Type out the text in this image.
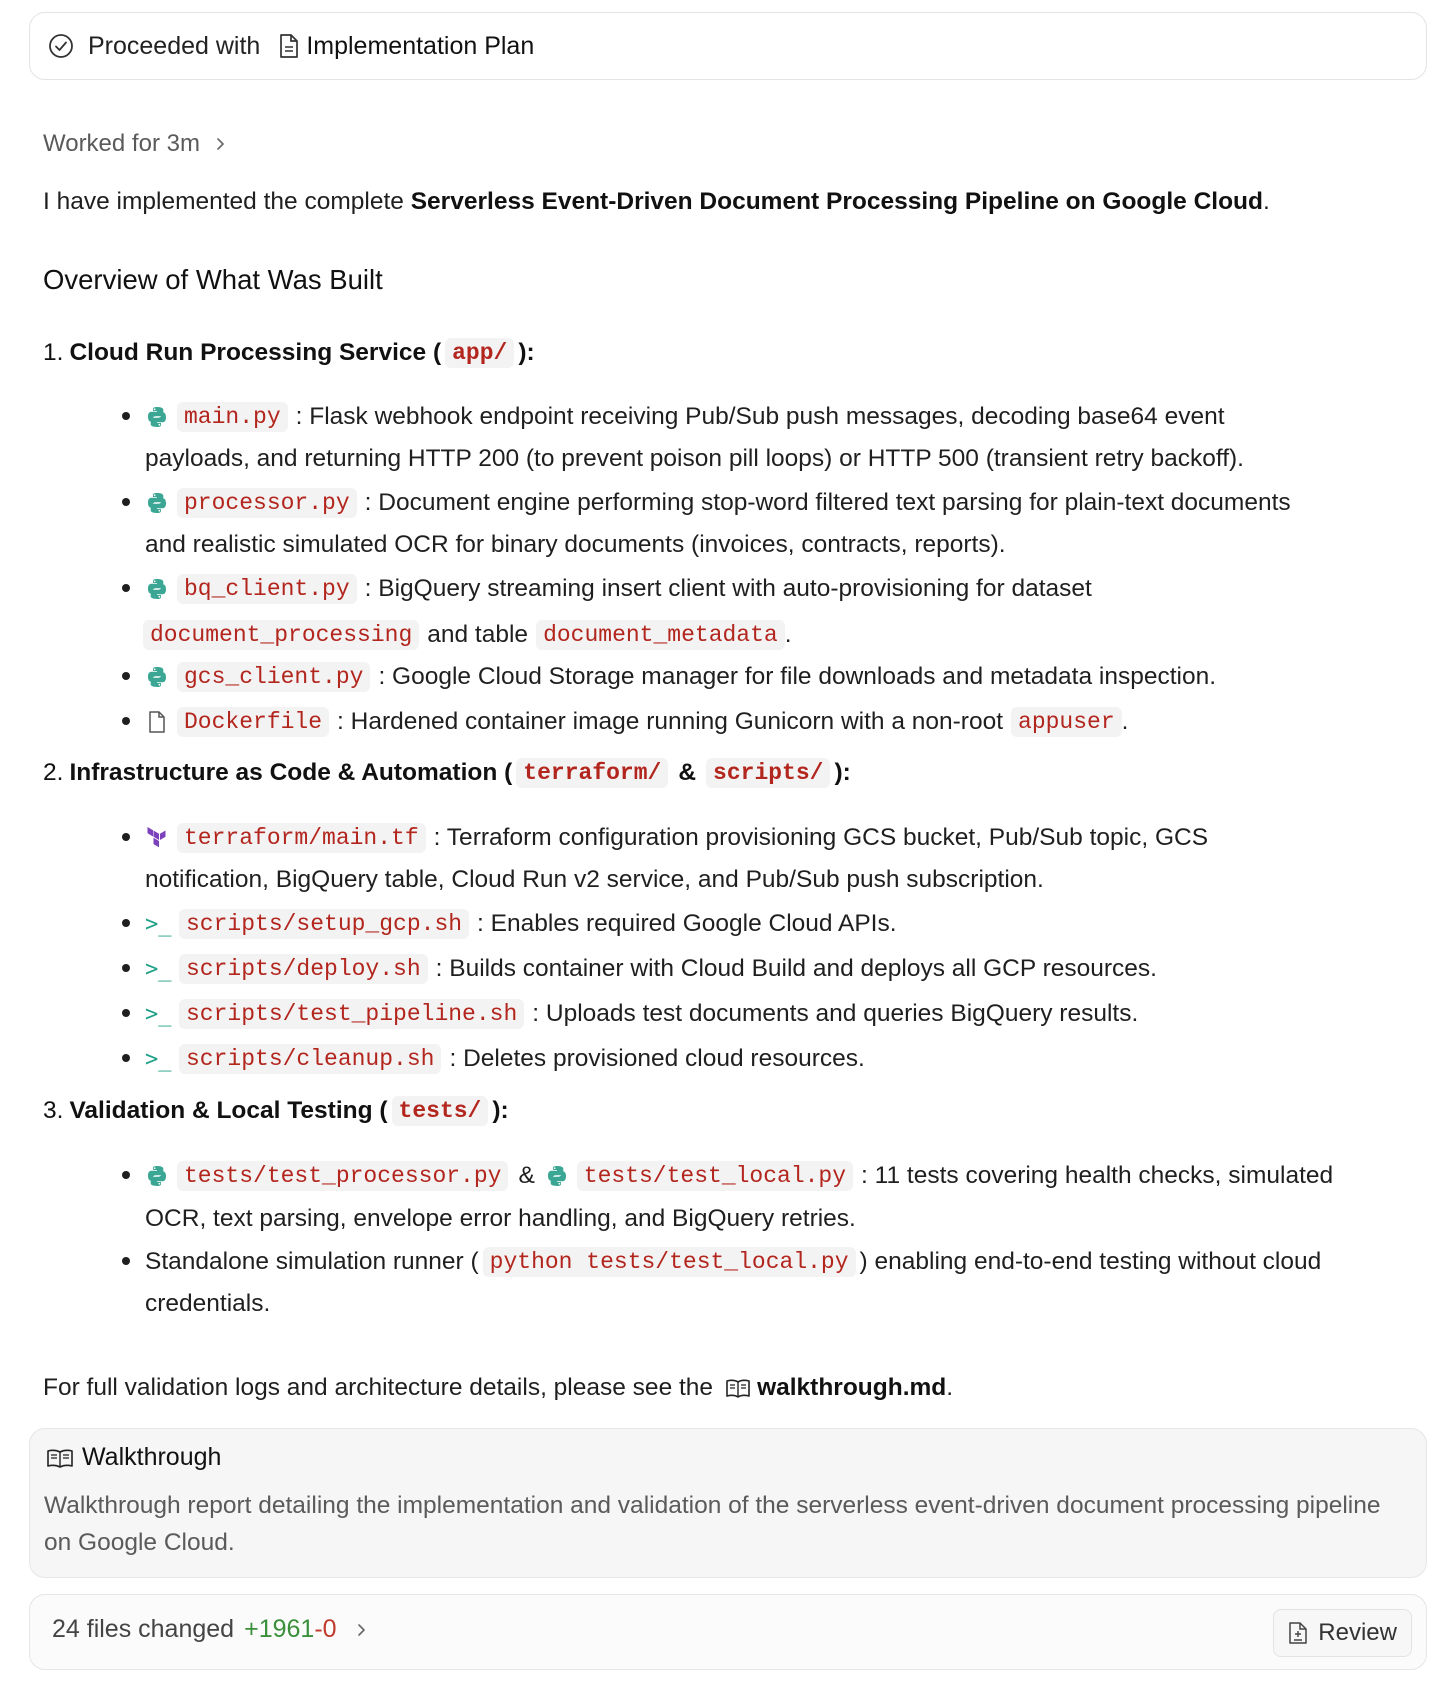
Proceeded with Implementation Plan
Worked for 3m
I have implemented the complete Serverless Event-Driven Document Processing Pipeline on Google Cloud.
Overview of What Was Built
1. Cloud Run Processing Service ( app/ ):
main.py : Flask webhook endpoint receiving Pub/Sub push messages, decoding base64 event
payloads, and returning HTTP 200 (to prevent poison pill loops) or HTTP 500 (transient retry backoff).
processor.py : Document engine performing stop-word filtered text parsing for plain-text documents
and realistic simulated OCR for binary documents (invoices, contracts, reports).
bq_client.py : BigQuery streaming insert client with auto-provisioning for dataset
document_processing and table document_metadata .
gcs_client.py : Google Cloud Storage manager for file downloads and metadata inspection.
Dockerfile : Hardened container image running Gunicorn with a non-root appuser .
2. Infrastructure as Code & Automation ( terraform/ & scripts/ ):
terraform/main.tf : Terraform configuration provisioning GCS bucket, Pub/Sub topic, GCS
notification, BigQuery table, Cloud Run v2 service, and Pub/Sub push subscription.
>_ scripts/setup_gcp.sh : Enables required Google Cloud APIs.
>_ scripts/deploy.sh : Builds container with Cloud Build and deploys all GCP resources.
>_ scripts/test_pipeline.sh : Uploads test documents and queries BigQuery results.
>_ scripts/cleanup.sh : Deletes provisioned cloud resources.
3. Validation & Local Testing ( tests/ ):
tests/test_processor.py &	tests/test_local.py : 11 tests covering health checks, simulated
OCR, text parsing, envelope error handling, and BigQuery retries.
Standalone simulation runner ( python tests/test_local.py ) enabling end-to-end testing without cloud
credentials.
For full validation logs and architecture details, please see the walkthrough.md .
Walkthrough
Walkthrough report detailing the implementation and validation of the serverless event-driven document processing pipeline on Google Cloud.
24 files changed +1961 -0	Review
